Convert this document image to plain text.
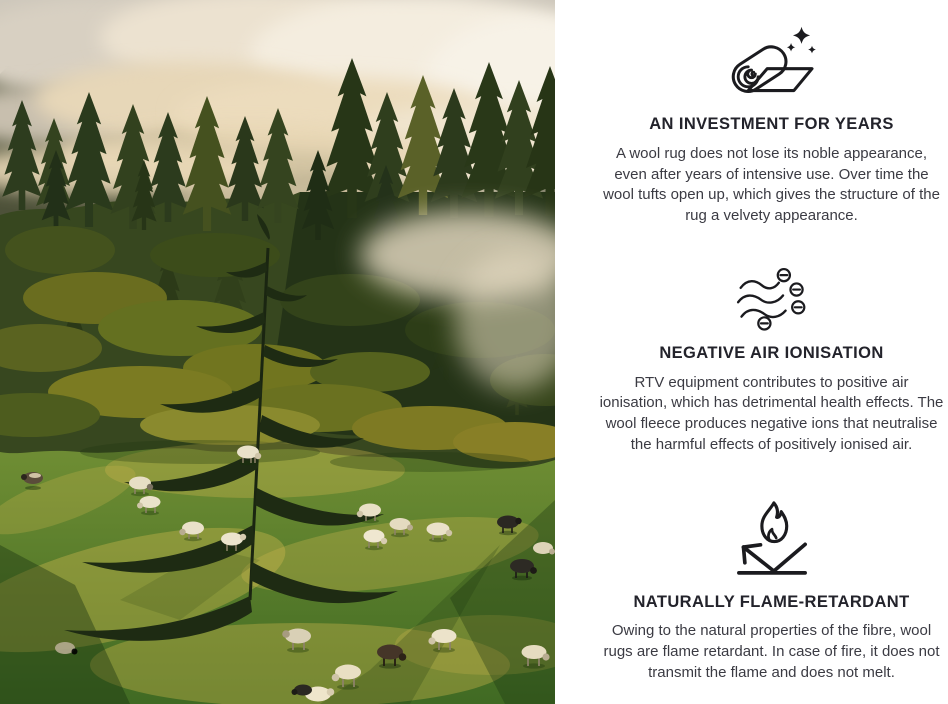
AN INVESTMENT FOR YEARS

A wool rug does not lose its noble appearance, even after years of intensive use. Over time the wool tufts open up, which gives the structure of the rug a velvety appearance.

NEGATIVE AIR IONISATION

RTV equipment contributes to positive air ionisation, which has detrimental health effects. The wool fleece produces negative ions that neutralise the harmful effects of positively ionised air.

NATURALLY FLAME-RETARDANT

Owing to the natural properties of the fibre, wool rugs are flame retardant. In case of fire, it does not transmit the flame and does not melt.
